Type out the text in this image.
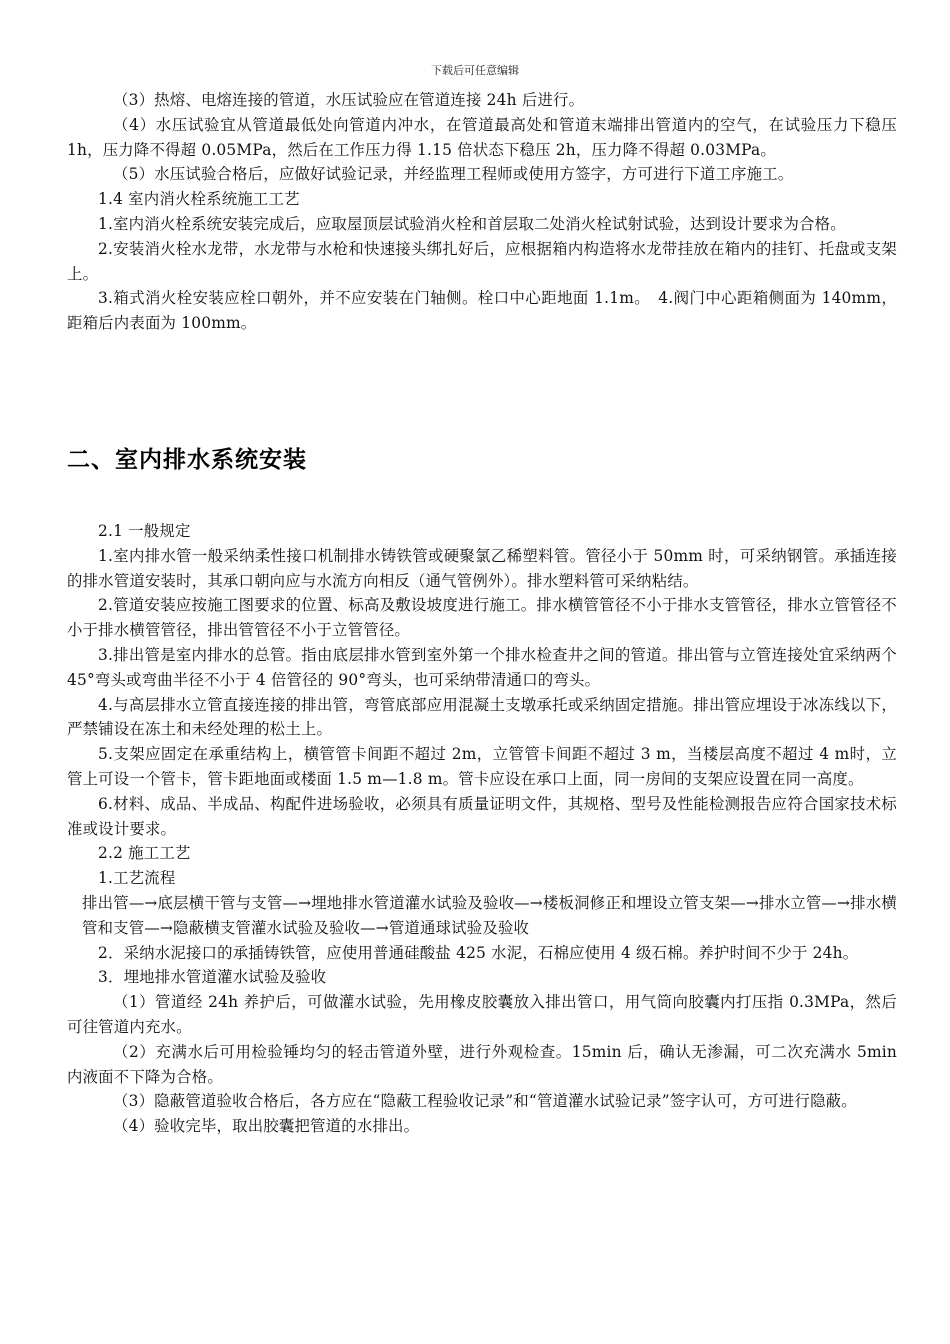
下载后可任意编辑

（3）热熔、电熔连接的管道，水压试验应在管道连接 24h 后进行。

（4）水压试验宜从管道最低处向管道内冲水，在管道最高处和管道末端排出管道内的空气，在试验压力下稳压 1h，压力降不得超 0.05MPa，然后在工作压力得 1.15 倍状态下稳压 2h，压力降不得超 0.03MPa。

（5）水压试验合格后，应做好试验记录，并经监理工程师或使用方签字，方可进行下道工序施工。

1.4 室内消火栓系统施工工艺

1.室内消火栓系统安装完成后，应取屋顶层试验消火栓和首层取二处消火栓试射试验，达到设计要求为合格。

2.安装消火栓水龙带，水龙带与水枪和快速接头绑扎好后，应根据箱内构造将水龙带挂放在箱内的挂钉、托盘或支架上。

3.箱式消火栓安装应栓口朝外，并不应安装在门轴侧。栓口中心距地面 1.1m。　4.阀门中心距箱侧面为 140mm，距箱后内表面为 100mm。

二、室内排水系统安装

2.1 一般规定

1.室内排水管一般采纳柔性接口机制排水铸铁管或硬聚氯乙稀塑料管。管径小于 50mm 时，可采纳钢管。承插连接的排水管道安装时，其承口朝向应与水流方向相反（通气管例外）。排水塑料管可采纳粘结。

2.管道安装应按施工图要求的位置、标高及敷设坡度进行施工。排水横管管径不小于排水支管管径，排水立管管径不小于排水横管管径，排出管管径不小于立管管径。

3.排出管是室内排水的总管。指由底层排水管到室外第一个排水检查井之间的管道。排出管与立管连接处宜采纳两个 45°弯头或弯曲半径不小于 4 倍管径的 90°弯头，也可采纳带清通口的弯头。

4.与高层排水立管直接连接的排出管，弯管底部应用混凝土支墩承托或采纳固定措施。排出管应埋设于冰冻线以下，严禁铺设在冻土和未经处理的松土上。

5.支架应固定在承重结构上，横管管卡间距不超过 2m，立管管卡间距不超过 3 m，当楼层高度不超过 4 m时，立管上可设一个管卡，管卡距地面或楼面 1.5 m—1.8 m。管卡应设在承口上面，同一房间的支架应设置在同一高度。

6.材料、成品、半成品、构配件进场验收，必须具有质量证明文件，其规格、型号及性能检测报告应符合国家技术标准或设计要求。

2.2 施工工艺

1.工艺流程

排出管—→底层横干管与支管—→埋地排水管道灌水试验及验收—→楼板洞修正和埋设立管支架—→排水立管—→排水横管和支管—→隐蔽横支管灌水试验及验收—→管道通球试验及验收

2．采纳水泥接口的承插铸铁管，应使用普通硅酸盐 425 水泥，石棉应使用 4 级石棉。养护时间不少于 24h。

3．埋地排水管道灌水试验及验收

（1）管道经 24h 养护后，可做灌水试验，先用橡皮胶囊放入排出管口，用气筒向胶囊内打压指 0.3MPa，然后可往管道内充水。

（2）充满水后可用检验锤均匀的轻击管道外壁，进行外观检查。15min 后，确认无渗漏，可二次充满水 5min 内液面不下降为合格。

（3）隐蔽管道验收合格后，各方应在“隐蔽工程验收记录”和“管道灌水试验记录”签字认可，方可进行隐蔽。

（4）验收完毕，取出胶囊把管道的水排出。
